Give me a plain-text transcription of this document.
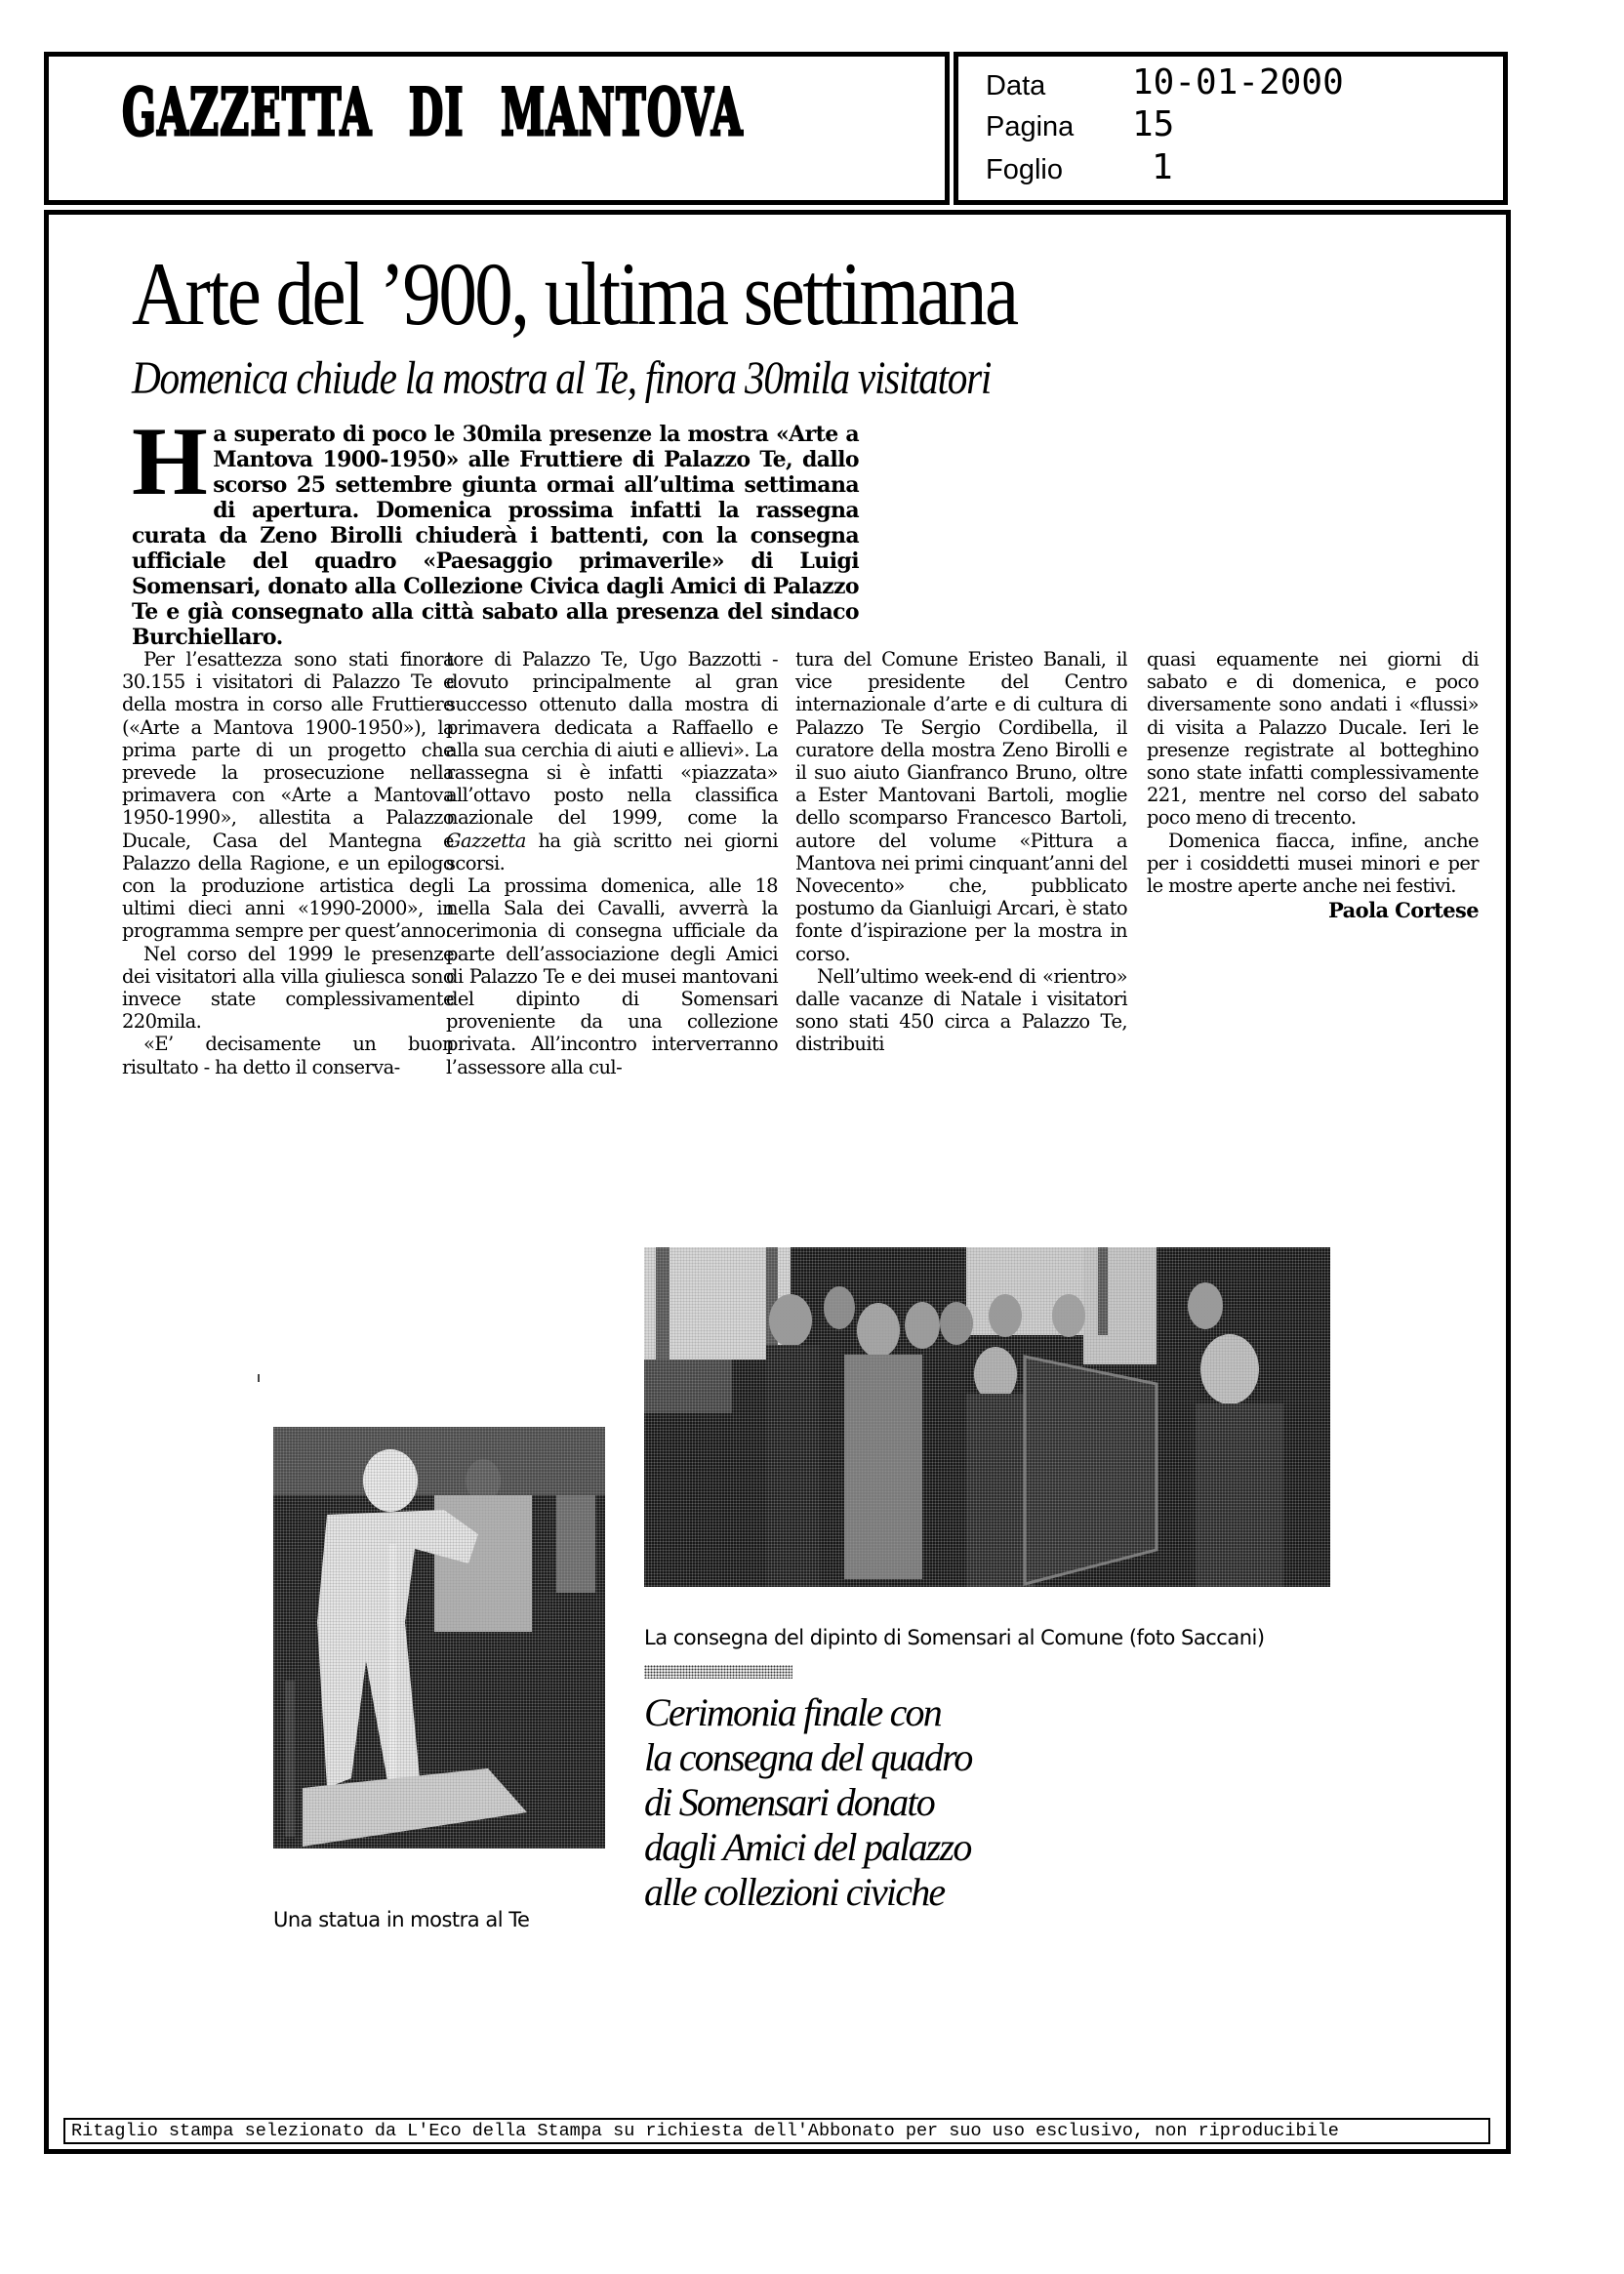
GAZZETTA DI MANTOVA	Data 10-01-2000
Pagina 15
Foglio	1
Arte del ’900, ultima settimana
Domenica chiude la mostra al Te, finora 30mila visitatori
Ha superato di poco le 30mila presenze la mostra «Arte a Mantova 1900-1950» alle Fruttiere di Palazzo Te, dallo scorso 25 settembre giunta ormai all’ultima settimana di apertura. Domenica prossima infatti la rassegna curata da Zeno Birolli chiuderà i battenti, con la consegna ufficiale del quadro «Paesaggio primaverile» di Luigi Somensari, donato alla Collezione Civica dagli Amici di Palazzo Te e già consegnato alla città sabato alla presenza del sindaco Burchiellaro.

Per l’esattezza sono stati finora 30.155 i visitatori di Palazzo Te e della mostra in corso alle Fruttiere («Arte a Mantova 1900-1950»), la prima parte di un progetto che prevede la prosecuzione nella primavera con «Arte a Mantova 1950-1990», allestita a Palazzo Ducale, Casa del Mantegna e Palazzo della Ragione, e un epilogo con la produzione artistica degli ultimi dieci anni «1990-2000», in programma sempre per quest’anno.

Nel corso del 1999 le presenze dei visitatori alla villa giuliesca sono invece state complessivamente 220mila.

«E’ decisamente un buon risultato - ha detto il conserva-

tore di Palazzo Te, Ugo Bazzotti - dovuto principalmente al gran successo ottenuto dalla mostra di primavera dedicata a Raffaello e alla sua cerchia di aiuti e allievi». La rassegna si è infatti «piazzata» all’ottavo posto nella classifica nazionale del 1999, come la Gazzetta ha già scritto nei giorni scorsi.

La prossima domenica, alle 18 nella Sala dei Cavalli, avverrà la cerimonia di consegna ufficiale da parte dell’associazione degli Amici di Palazzo Te e dei musei mantovani del dipinto di Somensari proveniente da una collezione privata. All’incontro interverranno l’assessore alla cul-

tura del Comune Eristeo Banali, il vice presidente del Centro internazionale d’arte e di cultura di Palazzo Te Sergio Cordibella, il curatore della mostra Zeno Birolli e il suo aiuto Gianfranco Bruno, oltre a Ester Mantovani Bartoli, moglie dello scomparso Francesco Bartoli, autore del volume «Pittura a Mantova nei primi cinquant’anni del Novecento» che, pubblicato postumo da Gianluigi Arcari, è stato fonte d’ispirazione per la mostra in corso.

Nell’ultimo week-end di «rientro» dalle vacanze di Natale i visitatori sono stati 450 circa a Palazzo Te, distribuiti

quasi equamente nei giorni di sabato e di domenica, e poco diversamente sono andati i «flussi» di visita a Palazzo Ducale. Ieri le presenze registrate al botteghino sono state infatti complessivamente 221, mentre nel corso del sabato poco meno di trecento.

Domenica fiacca, infine, anche per i cosiddetti musei minori e per le mostre aperte anche nei festivi.

Paola Cortese
La consegna del dipinto di Somensari al Comune (foto Saccani)
Una statua in mostra al Te
Cerimonia finale con
la consegna del quadro
di Somensari donato
dagli Amici del palazzo
alle collezioni civiche
Ritaglio stampa selezionato da L'Eco della Stampa su richiesta dell'Abbonato per suo uso esclusivo, non riproducibile
